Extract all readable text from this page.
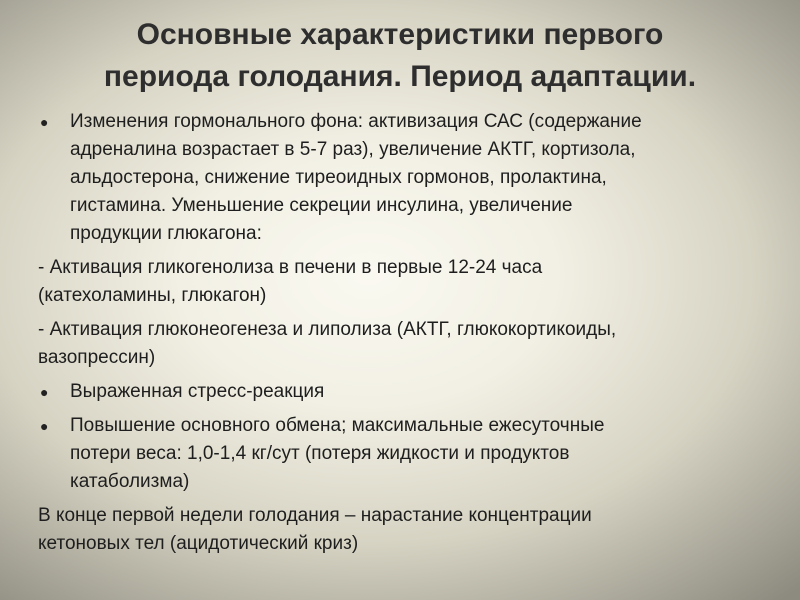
Основные характеристики первого
периода голодания. Период адаптации.
●	Изменения гормонального фона: активизация САС (содержание
адреналина возрастает в 5-7 раз), увеличение АКТГ, кортизола,
альдостерона, снижение тиреоидных гормонов, пролактина,
гистамина. Уменьшение секреции инсулина, увеличение
продукции глюкагона:
- Активация гликогенолиза в печени в первые 12-24 часа
(катехоламины, глюкагон)
- Активация глюконеогенеза и липолиза (АКТГ, глюкокортикоиды,
вазопрессин)
●	Выраженная стресс-реакция
●	Повышение основного обмена; максимальные ежесуточные
потери веса: 1,0-1,4 кг/сут (потеря жидкости и продуктов
катаболизма)
В конце первой недели голодания – нарастание концентрации
кетоновых тел (ацидотический криз)
